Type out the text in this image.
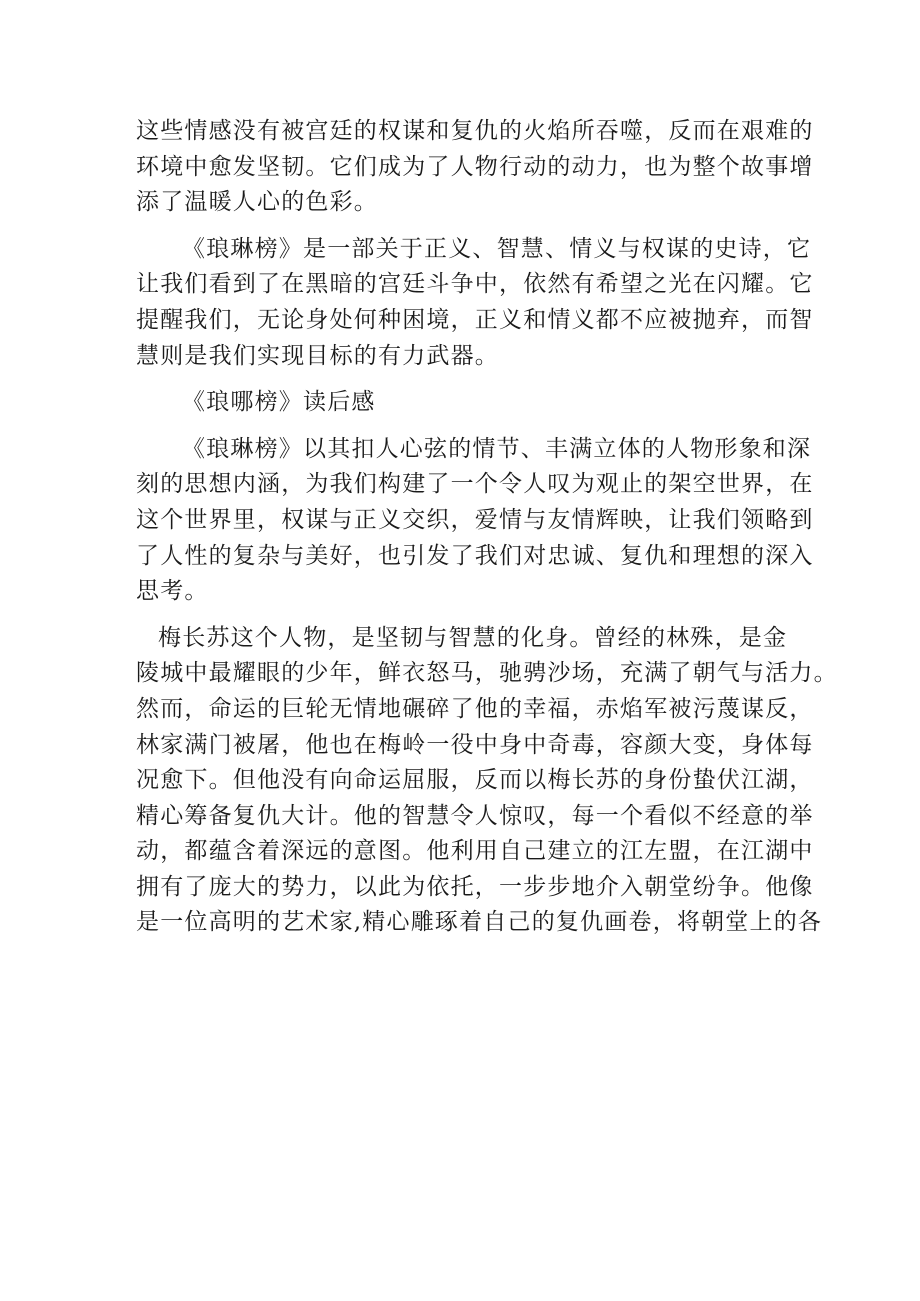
这些情感没有被宫廷的权谋和复仇的火焰所吞噬，反而在艰难的
环境中愈发坚韧。它们成为了人物行动的动力，也为整个故事增
添了温暖人心的色彩。
《琅琳榜》是一部关于正义、智慧、情义与权谋的史诗，它
让我们看到了在黑暗的宫廷斗争中，依然有希望之光在闪耀。它
提醒我们，无论身处何种困境，正义和情义都不应被抛弃，而智
慧则是我们实现目标的有力武器。
《琅哪榜》读后感
《琅琳榜》以其扣人心弦的情节、丰满立体的人物形象和深
刻的思想内涵，为我们构建了一个令人叹为观止的架空世界，在
这个世界里，权谋与正义交织，爱情与友情辉映，让我们领略到
了人性的复杂与美好，也引发了我们对忠诚、复仇和理想的深入
思考。
梅长苏这个人物，是坚韧与智慧的化身。曾经的林殊，是金
陵城中最耀眼的少年，鲜衣怒马，驰骋沙场，充满了朝气与活力。
然而，命运的巨轮无情地碾碎了他的幸福，赤焰军被污蔑谋反，
林家满门被屠，他也在梅岭一役中身中奇毒，容颜大变，身体每
况愈下。但他没有向命运屈服，反而以梅长苏的身份蛰伏江湖，
精心筹备复仇大计。他的智慧令人惊叹，每一个看似不经意的举
动，都蕴含着深远的意图。他利用自己建立的江左盟，在江湖中
拥有了庞大的势力，以此为依托，一步步地介入朝堂纷争。他像
是一位高明的艺术家,精心雕琢着自己的复仇画卷，将朝堂上的各
